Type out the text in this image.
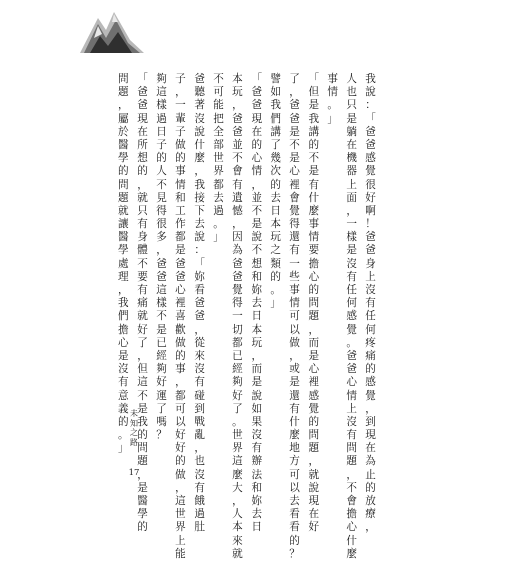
我
說
：
「
爸
爸
感
覺
很
好
啊
！
爸
爸
身
上
沒
有
任
何
疼
痛
的
感
覺
，
到
現
在
為
止
的
放
療
，
人
也
只
是
躺
在
機
器
上
面
，
一
樣
是
沒
有
任
何
感
覺
。
爸
爸
心
情
上
沒
有
問
題
，
不
會
擔
心
什
麼
事
情
。
」
「
但
是
我
講
的
不
是
有
什
麼
事
情
要
擔
心
的
問
題
，
而
是
心
裡
感
覺
的
問
題
，
就
說
現
在
好
了
，
爸
爸
是
不
是
心
裡
會
覺
得
還
有
一
些
事
情
可
以
做
，
或
是
還
有
什
麼
地
方
可
以
去
看
看
的
？
譬
如
我
們
講
了
幾
次
的
去
日
本
玩
之
類
的
。
」
「
爸
爸
現
在
的
心
情
，
並
不
是
說
不
想
和
妳
去
日
本
玩
，
而
是
說
如
果
沒
有
辦
法
和
妳
去
日
本
玩
，
爸
爸
並
不
會
有
遺
憾
，
因
為
爸
爸
覺
得
一
切
都
已
經
夠
好
了
。
世
界
這
麼
大
，
人
本
來
就
不
可
能
把
全
部
世
界
都
去
過
。
」
爸
聽
著
沒
說
什
麼
，
我
接
下
去
說
：
「
妳
看
爸
爸
，
從
來
沒
有
碰
到
戰
亂
，
也
沒
有
餓
過
肚
子
，
一
輩
子
做
的
事
情
和
工
作
都
是
爸
爸
心
裡
喜
歡
做
的
事
，
都
可
以
好
好
的
做
，
這
世
界
上
能
夠
這
樣
過
日
子
的
人
不
見
得
很
多
，
爸
爸
這
樣
不
是
已
經
夠
好
運
了
嗎
？
「
爸
爸
現
在
所
想
的
，
就
只
有
身
體
不
要
有
痛
就
好
了
，
但
這
不
是
我
的
問
題
，
是
醫
學
的
問
題
，
屬
於
醫
學
的
問
題
就
讓
醫
學
處
理
，
我
們
擔
心
是
沒
有
意
義
的
。
」
未
知
之
路
17
